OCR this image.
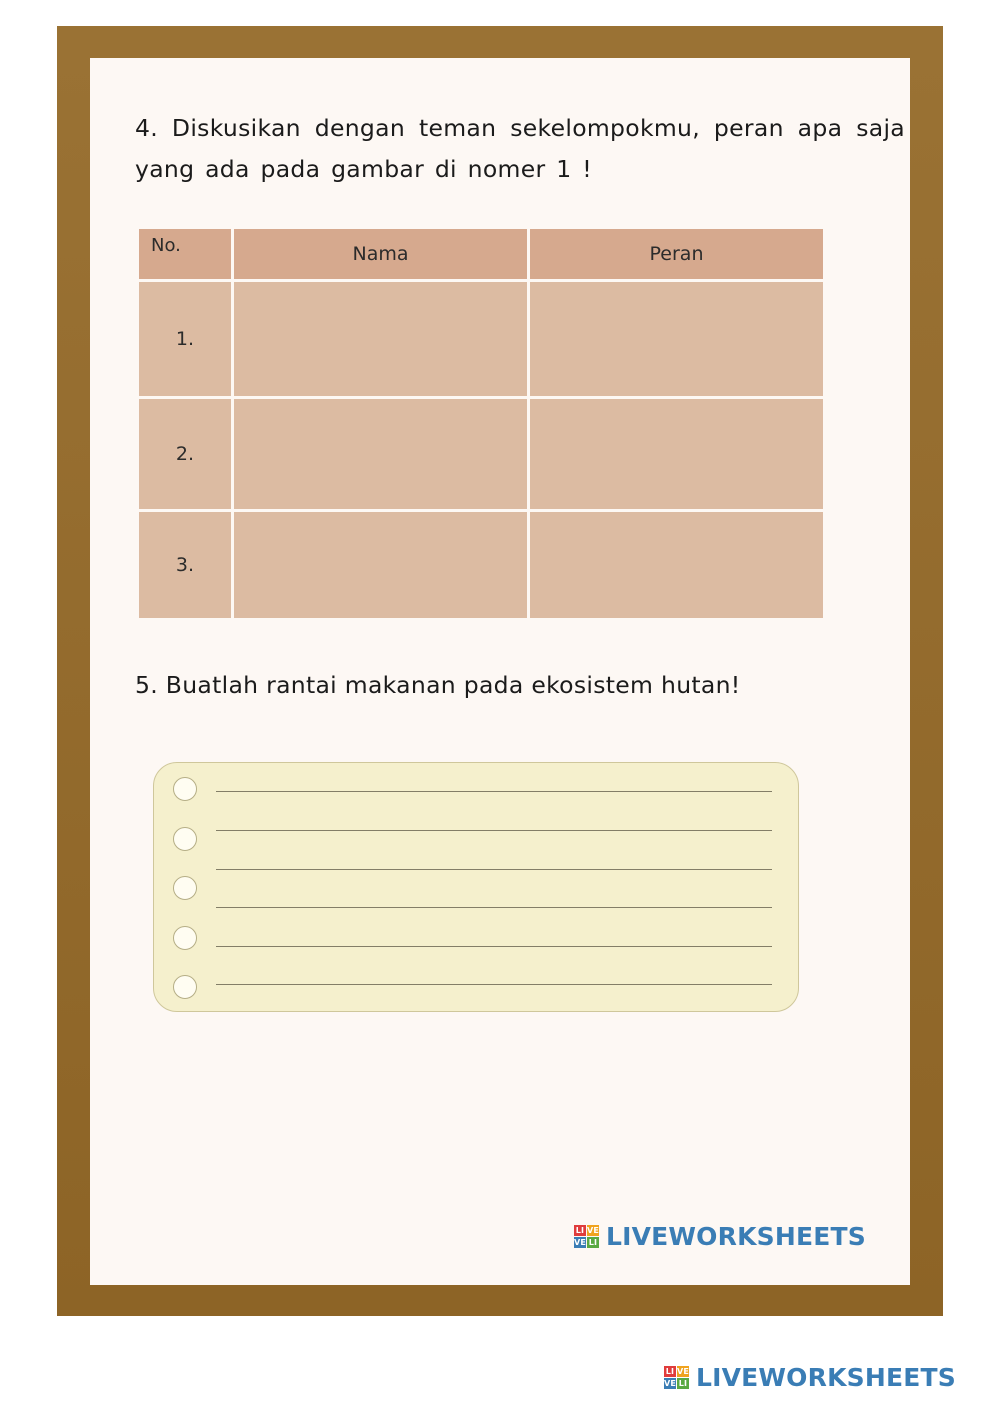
4. Diskusikan dengan teman sekelompokmu, peran apa saja yang ada pada gambar di nomer 1 !

No.	Nama	Peran
1.		
2.		
3.		

5. Buatlah rantai makanan pada ekosistem hutan!

LI VE
VE LI LIVEWORKSHEETS
LI VE
VE LI LIVEWORKSHEETS
